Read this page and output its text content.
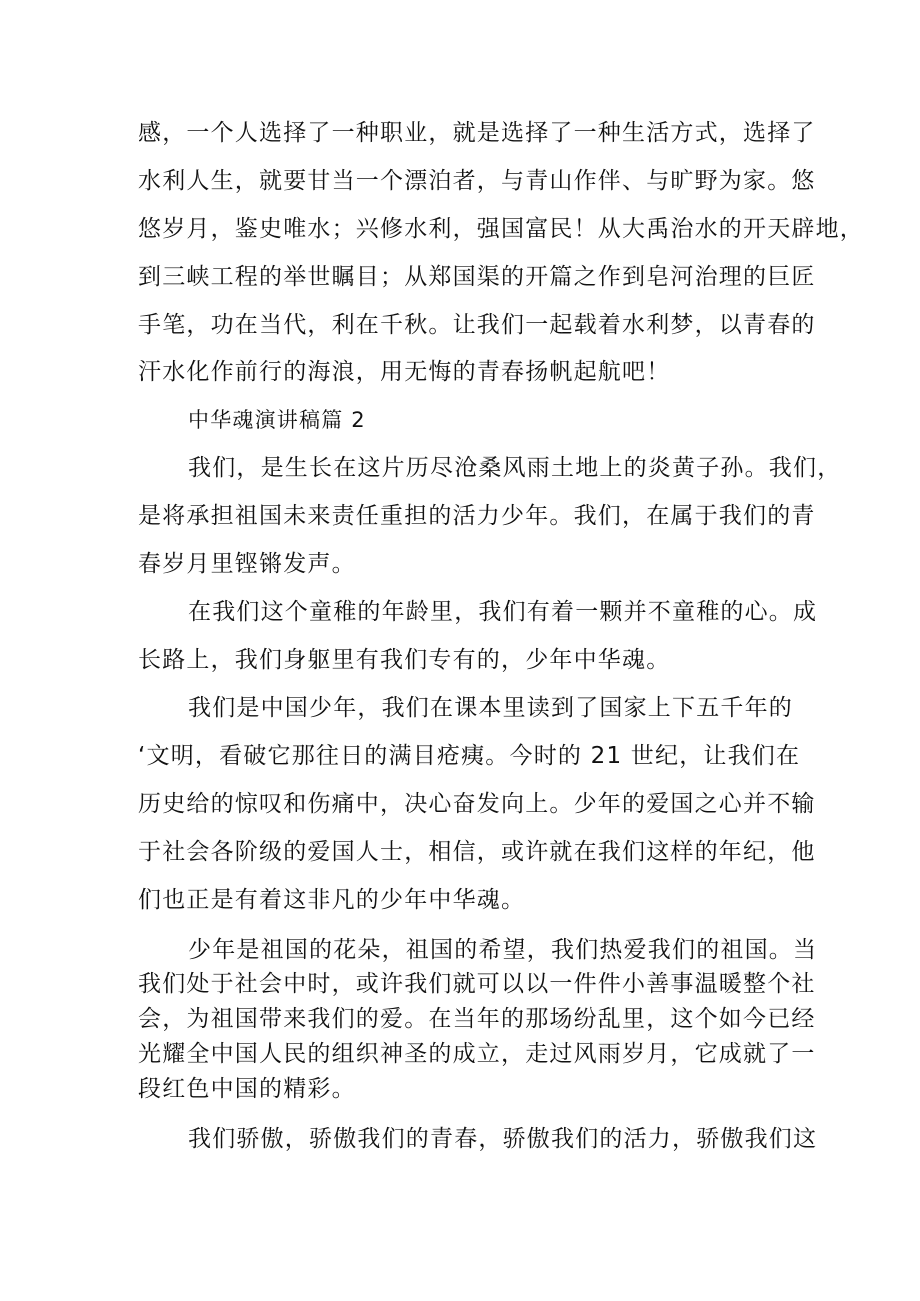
感，一个人选择了一种职业，就是选择了一种生活方式，选择了
水利人生，就要甘当一个漂泊者，与青山作伴、与旷野为家。悠
悠岁月，鉴史唯水；兴修水利，强国富民！从大禹治水的开天辟地，
到三峡工程的举世瞩目；从郑国渠的开篇之作到皂河治理的巨匠
手笔，功在当代，利在千秋。让我们一起载着水利梦，以青春的
汗水化作前行的海浪，用无悔的青春扬帆起航吧！
中华魂演讲稿篇 2
我们，是生长在这片历尽沧桑风雨土地上的炎黄子孙。我们，
是将承担祖国未来责任重担的活力少年。我们，在属于我们的青
春岁月里铿锵发声。
在我们这个童稚的年龄里，我们有着一颗并不童稚的心。成
长路上，我们身躯里有我们专有的，少年中华魂。
我们是中国少年，我们在课本里读到了国家上下五千年的
‘文明，看破它那往日的满目疮痍。今时的 21 世纪，让我们在
历史给的惊叹和伤痛中，决心奋发向上。少年的爱国之心并不输
于社会各阶级的爱国人士，相信，或许就在我们这样的年纪，他
们也正是有着这非凡的少年中华魂。
少年是祖国的花朵，祖国的希望，我们热爱我们的祖国。当
我们处于社会中时，或许我们就可以以一件件小善事温暖整个社
会，为祖国带来我们的爱。在当年的那场纷乱里，这个如今已经
光耀全中国人民的组织神圣的成立，走过风雨岁月，它成就了一
段红色中国的精彩。
我们骄傲，骄傲我们的青春，骄傲我们的活力，骄傲我们这
